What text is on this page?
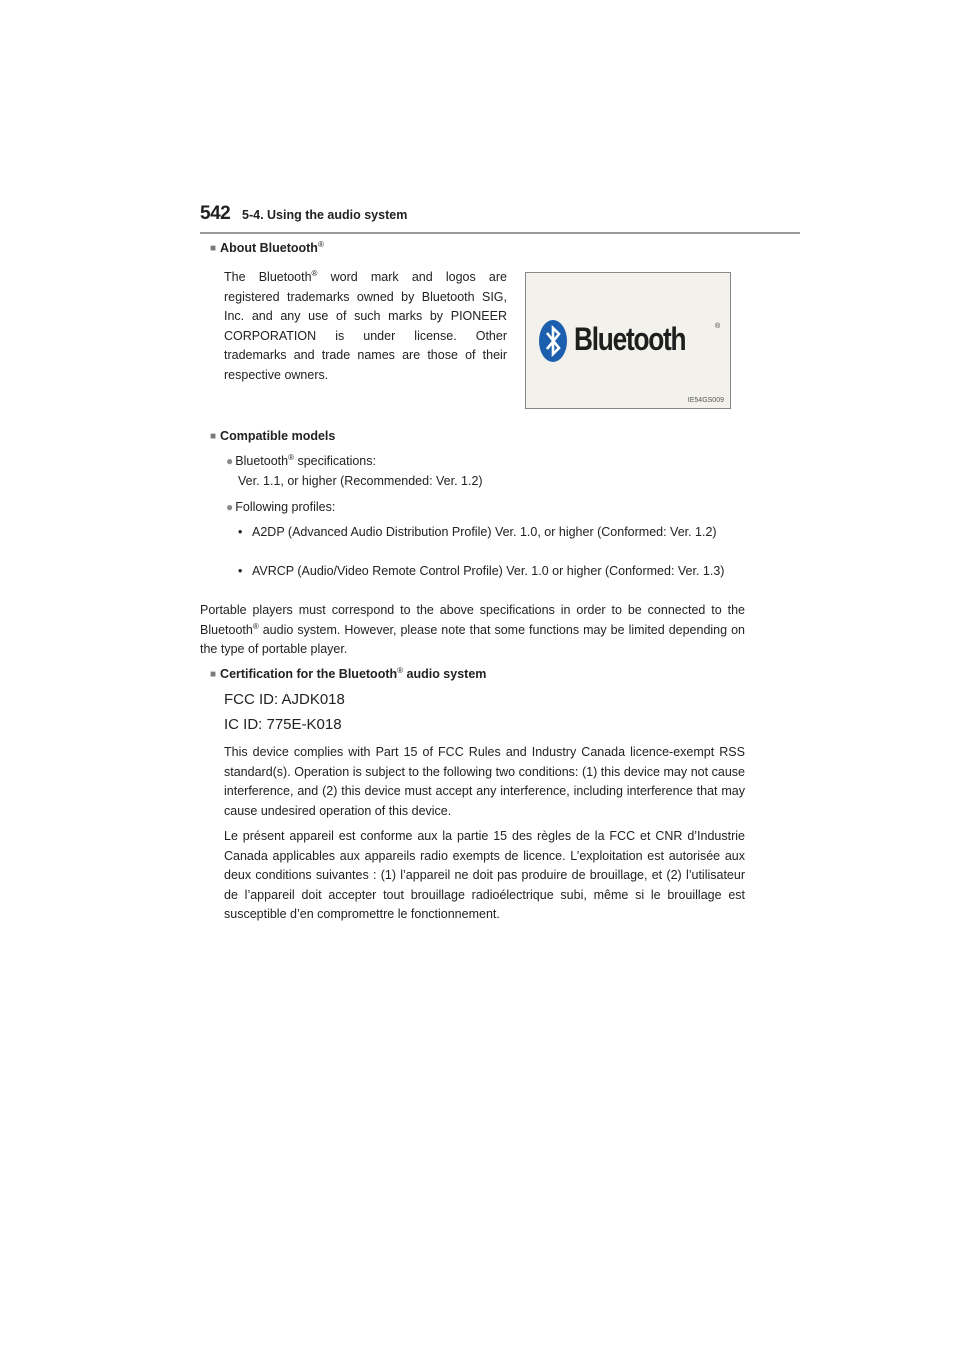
542 5-4. Using the audio system
■ About Bluetooth®
The Bluetooth® word mark and logos are registered trademarks owned by Bluetooth SIG, Inc. and any use of such marks by PIONEER CORPORATION is under license. Other trademarks and trade names are those of their respective owners.
Bluetooth	®
IE54GS009
■ Compatible models
● Bluetooth® specifications:
Ver. 1.1, or higher (Recommended: Ver. 1.2)
● Following profiles:
• A2DP (Advanced Audio Distribution Profile) Ver. 1.0, or higher (Conformed: Ver. 1.2)
• AVRCP (Audio/Video Remote Control Profile) Ver. 1.0 or higher (Conformed: Ver. 1.3)
Portable players must correspond to the above specifications in order to be connected to the Bluetooth® audio system. However, please note that some functions may be limited depending on the type of portable player.
■ Certification for the Bluetooth® audio system
FCC ID: AJDK018
IC ID: 775E-K018
This device complies with Part 15 of FCC Rules and Industry Canada licence-exempt RSS standard(s). Operation is subject to the following two conditions: (1) this device may not cause interference, and (2) this device must accept any interference, including interference that may cause undesired operation of this device.
Le présent appareil est conforme aux la partie 15 des règles de la FCC et CNR d’Industrie Canada applicables aux appareils radio exempts de licence. L’exploitation est autorisée aux deux conditions suivantes : (1) l’appareil ne doit pas produire de brouillage, et (2) l’utilisateur de l’appareil doit accepter tout brouillage radioélectrique subi, même si le brouillage est susceptible d’en compromettre le fonctionnement.
